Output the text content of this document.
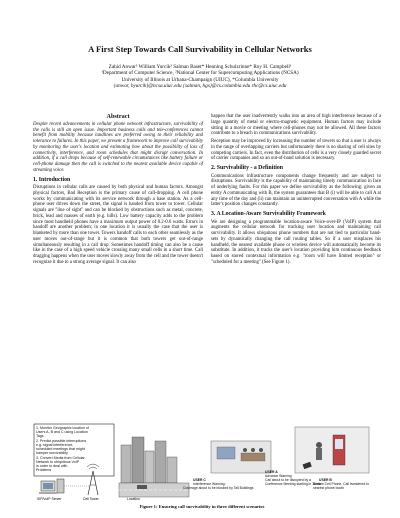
A First Step Towards Call Survivability in Cellular Networks
Zahid Anwar¹ William Yurcik² Salman Baset* Henning Schulzrinne* Roy H. Campbell¹
¹Department of Computer Science, ²National Center for Supercomputing Applications (NCSA)
University of Illinois at Urbana-Champaign (UIUC), *Columbia University
{anwar, byurcik}@ncsa.uiuc.edu {salman, hgs}@cs.columbia.edu rhc@cs.uiuc.edu
Abstract

Despite recent advancements in cellular phone network infrastructure, survivability of the calls is still an open issue. Important business calls and tele-conferences cannot benefit from mobility because landlines are preferred owing to their reliability and tolerance to failures. In this paper, we present a framework to improve call survivability by monitoring the user's location and estimating how about the possibility of loss of connectivity, interference, and room schedules that might disrupt conversation. In addition, if a call drops because of self-renewable circumstances like battery failure or cell-phone damage then the call is switched to the nearest available device capable of streaming voice.

1. Introduction

Disruptions in cellular calls are caused by both physical and human factors. Amongst physical factors, Bad Reception is the primary cause of call-dropping. A cell phone works by communicating with its service network through a base station. As a cell-phone user drives down the street, the signal is handed from tower to tower. Cellular signals are "line of sight" and can be blocked by obstructions such as metal, concrete, brick, lead and masses of earth (e.g. hills). Low battery capacity adds to the problem since most handheld phones have a maximum output power of 0.2-0.6 watts. Errors in handoff are another problem; in one location it is usually the case that the user is blanketed by more than one tower. Towers handoff calls to each other seamlessly as the user moves out-of-range but it is common that both towers get out-of-range simultaneously resulting in a call drop. Sometimes handoff timing can also be a cause like in the case of a high speed vehicle crossing many small cells in a short time. Call dragging happens when the user moves slowly away from the cell and the tower doesn't recognize it due to a strong average signal. It can also

happen that the user inadvertently walks into an area of high interference because of a large quantity of metal or electro-magnetic equipment. Human factors may include sitting in a movie or meeting where cell-phones may not be allowed. All these factors contribute to a breach in communications survivability.

Reception may be improved by increasing the number of towers so that a user is always in the range of overlapping carriers but unfortunately there is no sharing of cell sites by competing carriers. In fact, even the distribution of cells is a very closely guarded secret of carrier companies and so an out-of-band solution is necessary.

2. Survivability - a Definition

Communications infrastructure components change frequently and are subject to disruptions. Survivability is the capability of maintaining timely communication in face of underlying faults. For this paper we define survivability as the following: given an entity A communicating with B, the system guarantees that B (i) will be able to call A at any time of the day and (ii) can maintain an uninterrupted conversation with A while the latter's position changes constantly.

3. A Location-Aware Survivability Framework

We are designing a programmable location-aware Voice-over-IP (VoIP) system that augments the cellular network for tracking user location and maintaining call survivability. It allows ubiquitous phone numbers that are not tied to particular hand-sets by dynamically changing the call routing tables. So if a user misplaces his handheld, the nearest available phone or wireless device will automatically become its substitute. In addition, it tracks the user's location providing him continuous feedback based on stored contextual information e.g. "room will have limited reception" or "scheduled for a meeting" (See Figure 1).

1. Monitor Geographic location of
Users A, B and C using Location
Tags
2. Predict possible interruptions
e.g. signal interference,
scheduled meetings that might
hamper survivability
3. Convert Media from Cellular
Network to ubiquitous VoIP
in order to deal with
Problems
SIP/VoIP Server	Cell Tower	Location
USER C
Interference Warning:
Coverage about to be blocked by Tall Buildings
USER A
Advance Warning
Call about to be disrupted by a
Conference Meeting starting in 10min
USER B
Broken Cell Phone. Call transfered to
nearest phone booth
Figure 1: Ensuring call survivability in three different scenarios
